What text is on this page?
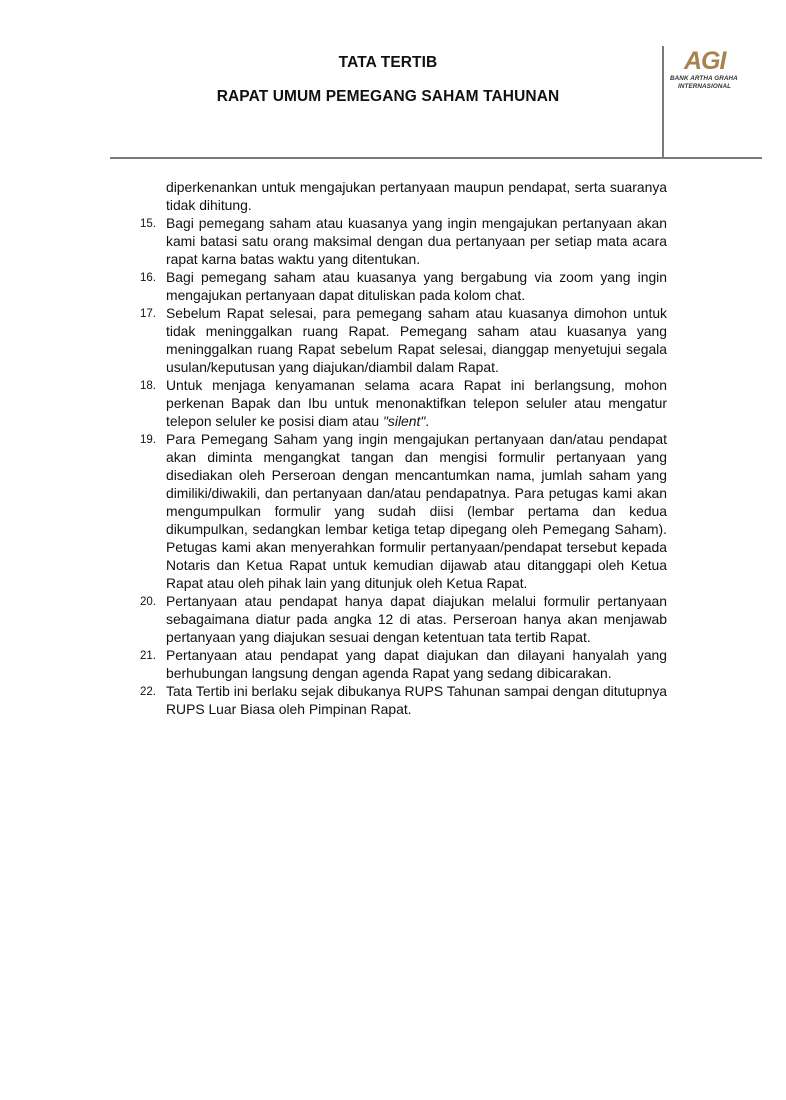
TATA TERTIB
RAPAT UMUM PEMEGANG SAHAM TAHUNAN
AGI
BANK ARTHA GRAHA
INTERNASIONAL
diperkenankan untuk mengajukan pertanyaan maupun pendapat, serta suaranya tidak dihitung.
15. Bagi pemegang saham atau kuasanya yang ingin mengajukan pertanyaan akan kami batasi satu orang maksimal dengan dua pertanyaan per setiap mata acara rapat karna batas waktu yang ditentukan.
16. Bagi pemegang saham atau kuasanya yang bergabung via zoom yang ingin mengajukan pertanyaan dapat dituliskan pada kolom chat.
17. Sebelum Rapat selesai, para pemegang saham atau kuasanya dimohon untuk tidak meninggalkan ruang Rapat. Pemegang saham atau kuasanya yang meninggalkan ruang Rapat sebelum Rapat selesai, dianggap menyetujui segala usulan/keputusan yang diajukan/diambil dalam Rapat.
18. Untuk menjaga kenyamanan selama acara Rapat ini berlangsung, mohon perkenan Bapak dan Ibu untuk menonaktifkan telepon seluler atau mengatur telepon seluler ke posisi diam atau "silent".
19. Para Pemegang Saham yang ingin mengajukan pertanyaan dan/atau pendapat akan diminta mengangkat tangan dan mengisi formulir pertanyaan yang disediakan oleh Perseroan dengan mencantumkan nama, jumlah saham yang dimiliki/diwakili, dan pertanyaan dan/atau pendapatnya. Para petugas kami akan mengumpulkan formulir yang sudah diisi (lembar pertama dan kedua dikumpulkan, sedangkan lembar ketiga tetap dipegang oleh Pemegang Saham). Petugas kami akan menyerahkan formulir pertanyaan/pendapat tersebut kepada Notaris dan Ketua Rapat untuk kemudian dijawab atau ditanggapi oleh Ketua Rapat atau oleh pihak lain yang ditunjuk oleh Ketua Rapat.
20. Pertanyaan atau pendapat hanya dapat diajukan melalui formulir pertanyaan sebagaimana diatur pada angka 12 di atas. Perseroan hanya akan menjawab pertanyaan yang diajukan sesuai dengan ketentuan tata tertib Rapat.
21. Pertanyaan atau pendapat yang dapat diajukan dan dilayani hanyalah yang berhubungan langsung dengan agenda Rapat yang sedang dibicarakan.
22. Tata Tertib ini berlaku sejak dibukanya RUPS Tahunan sampai dengan ditutupnya RUPS Luar Biasa oleh Pimpinan Rapat.
